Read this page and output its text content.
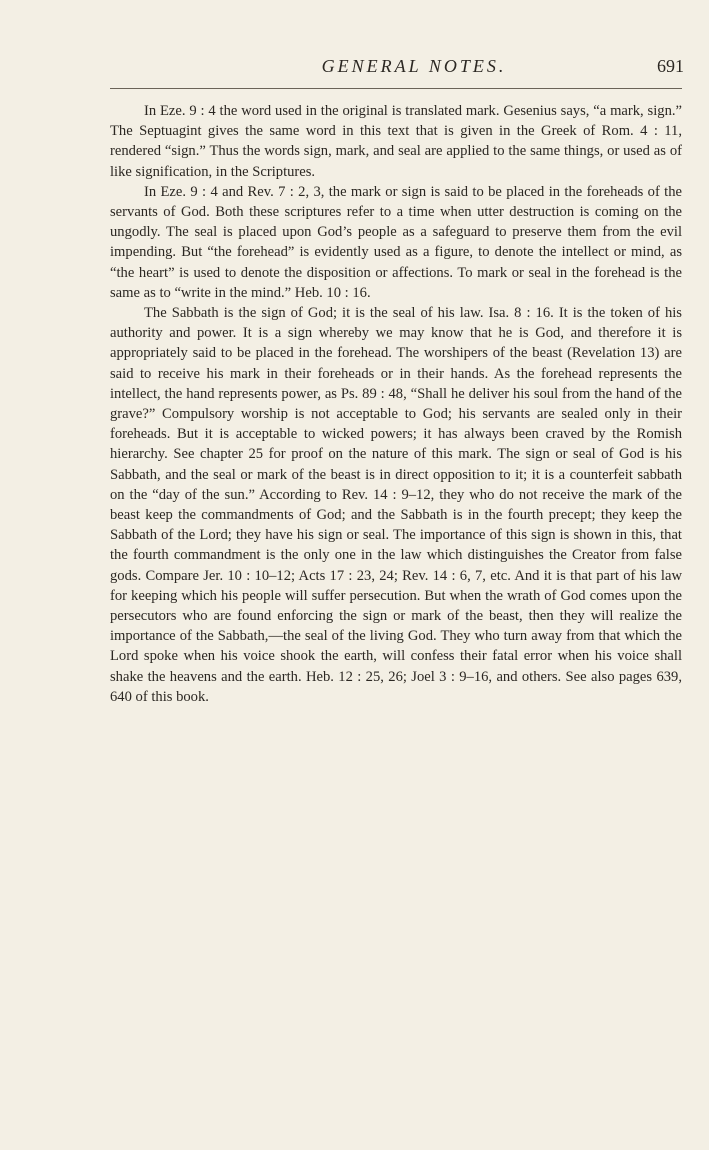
GENERAL NOTES.	691

In Eze. 9 : 4 the word used in the original is translated mark. Gesenius says, “a mark, sign.” The Septuagint gives the same word in this text that is given in the Greek of Rom. 4 : 11, rendered “sign.” Thus the words sign, mark, and seal are applied to the same things, or used as of like signification, in the Scriptures.

In Eze. 9 : 4 and Rev. 7 : 2, 3, the mark or sign is said to be placed in the foreheads of the servants of God. Both these scriptures refer to a time when utter destruction is coming on the ungodly. The seal is placed upon God’s people as a safeguard to preserve them from the evil impending. But “the forehead” is evidently used as a figure, to denote the intellect or mind, as “the heart” is used to denote the disposition or affections. To mark or seal in the forehead is the same as to “write in the mind.” Heb. 10 : 16.

The Sabbath is the sign of God; it is the seal of his law. Isa. 8 : 16. It is the token of his authority and power. It is a sign whereby we may know that he is God, and therefore it is appropriately said to be placed in the forehead. The worshipers of the beast (Revelation 13) are said to receive his mark in their foreheads or in their hands. As the forehead represents the intellect, the hand represents power, as Ps. 89 : 48, “Shall he deliver his soul from the hand of the grave?” Compulsory worship is not acceptable to God; his servants are sealed only in their foreheads. But it is acceptable to wicked powers; it has always been craved by the Romish hierarchy. See chapter 25 for proof on the nature of this mark. The sign or seal of God is his Sabbath, and the seal or mark of the beast is in direct opposition to it; it is a counterfeit sabbath on the “day of the sun.” According to Rev. 14 : 9–12, they who do not receive the mark of the beast keep the commandments of God; and the Sabbath is in the fourth precept; they keep the Sabbath of the Lord; they have his sign or seal. The importance of this sign is shown in this, that the fourth commandment is the only one in the law which distinguishes the Creator from false gods. Compare Jer. 10 : 10–12; Acts 17 : 23, 24; Rev. 14 : 6, 7, etc. And it is that part of his law for keeping which his people will suffer persecution. But when the wrath of God comes upon the persecutors who are found enforcing the sign or mark of the beast, then they will realize the importance of the Sabbath,—the seal of the living God. They who turn away from that which the Lord spoke when his voice shook the earth, will confess their fatal error when his voice shall shake the heavens and the earth. Heb. 12 : 25, 26; Joel 3 : 9–16, and others. See also pages 639, 640 of this book.
